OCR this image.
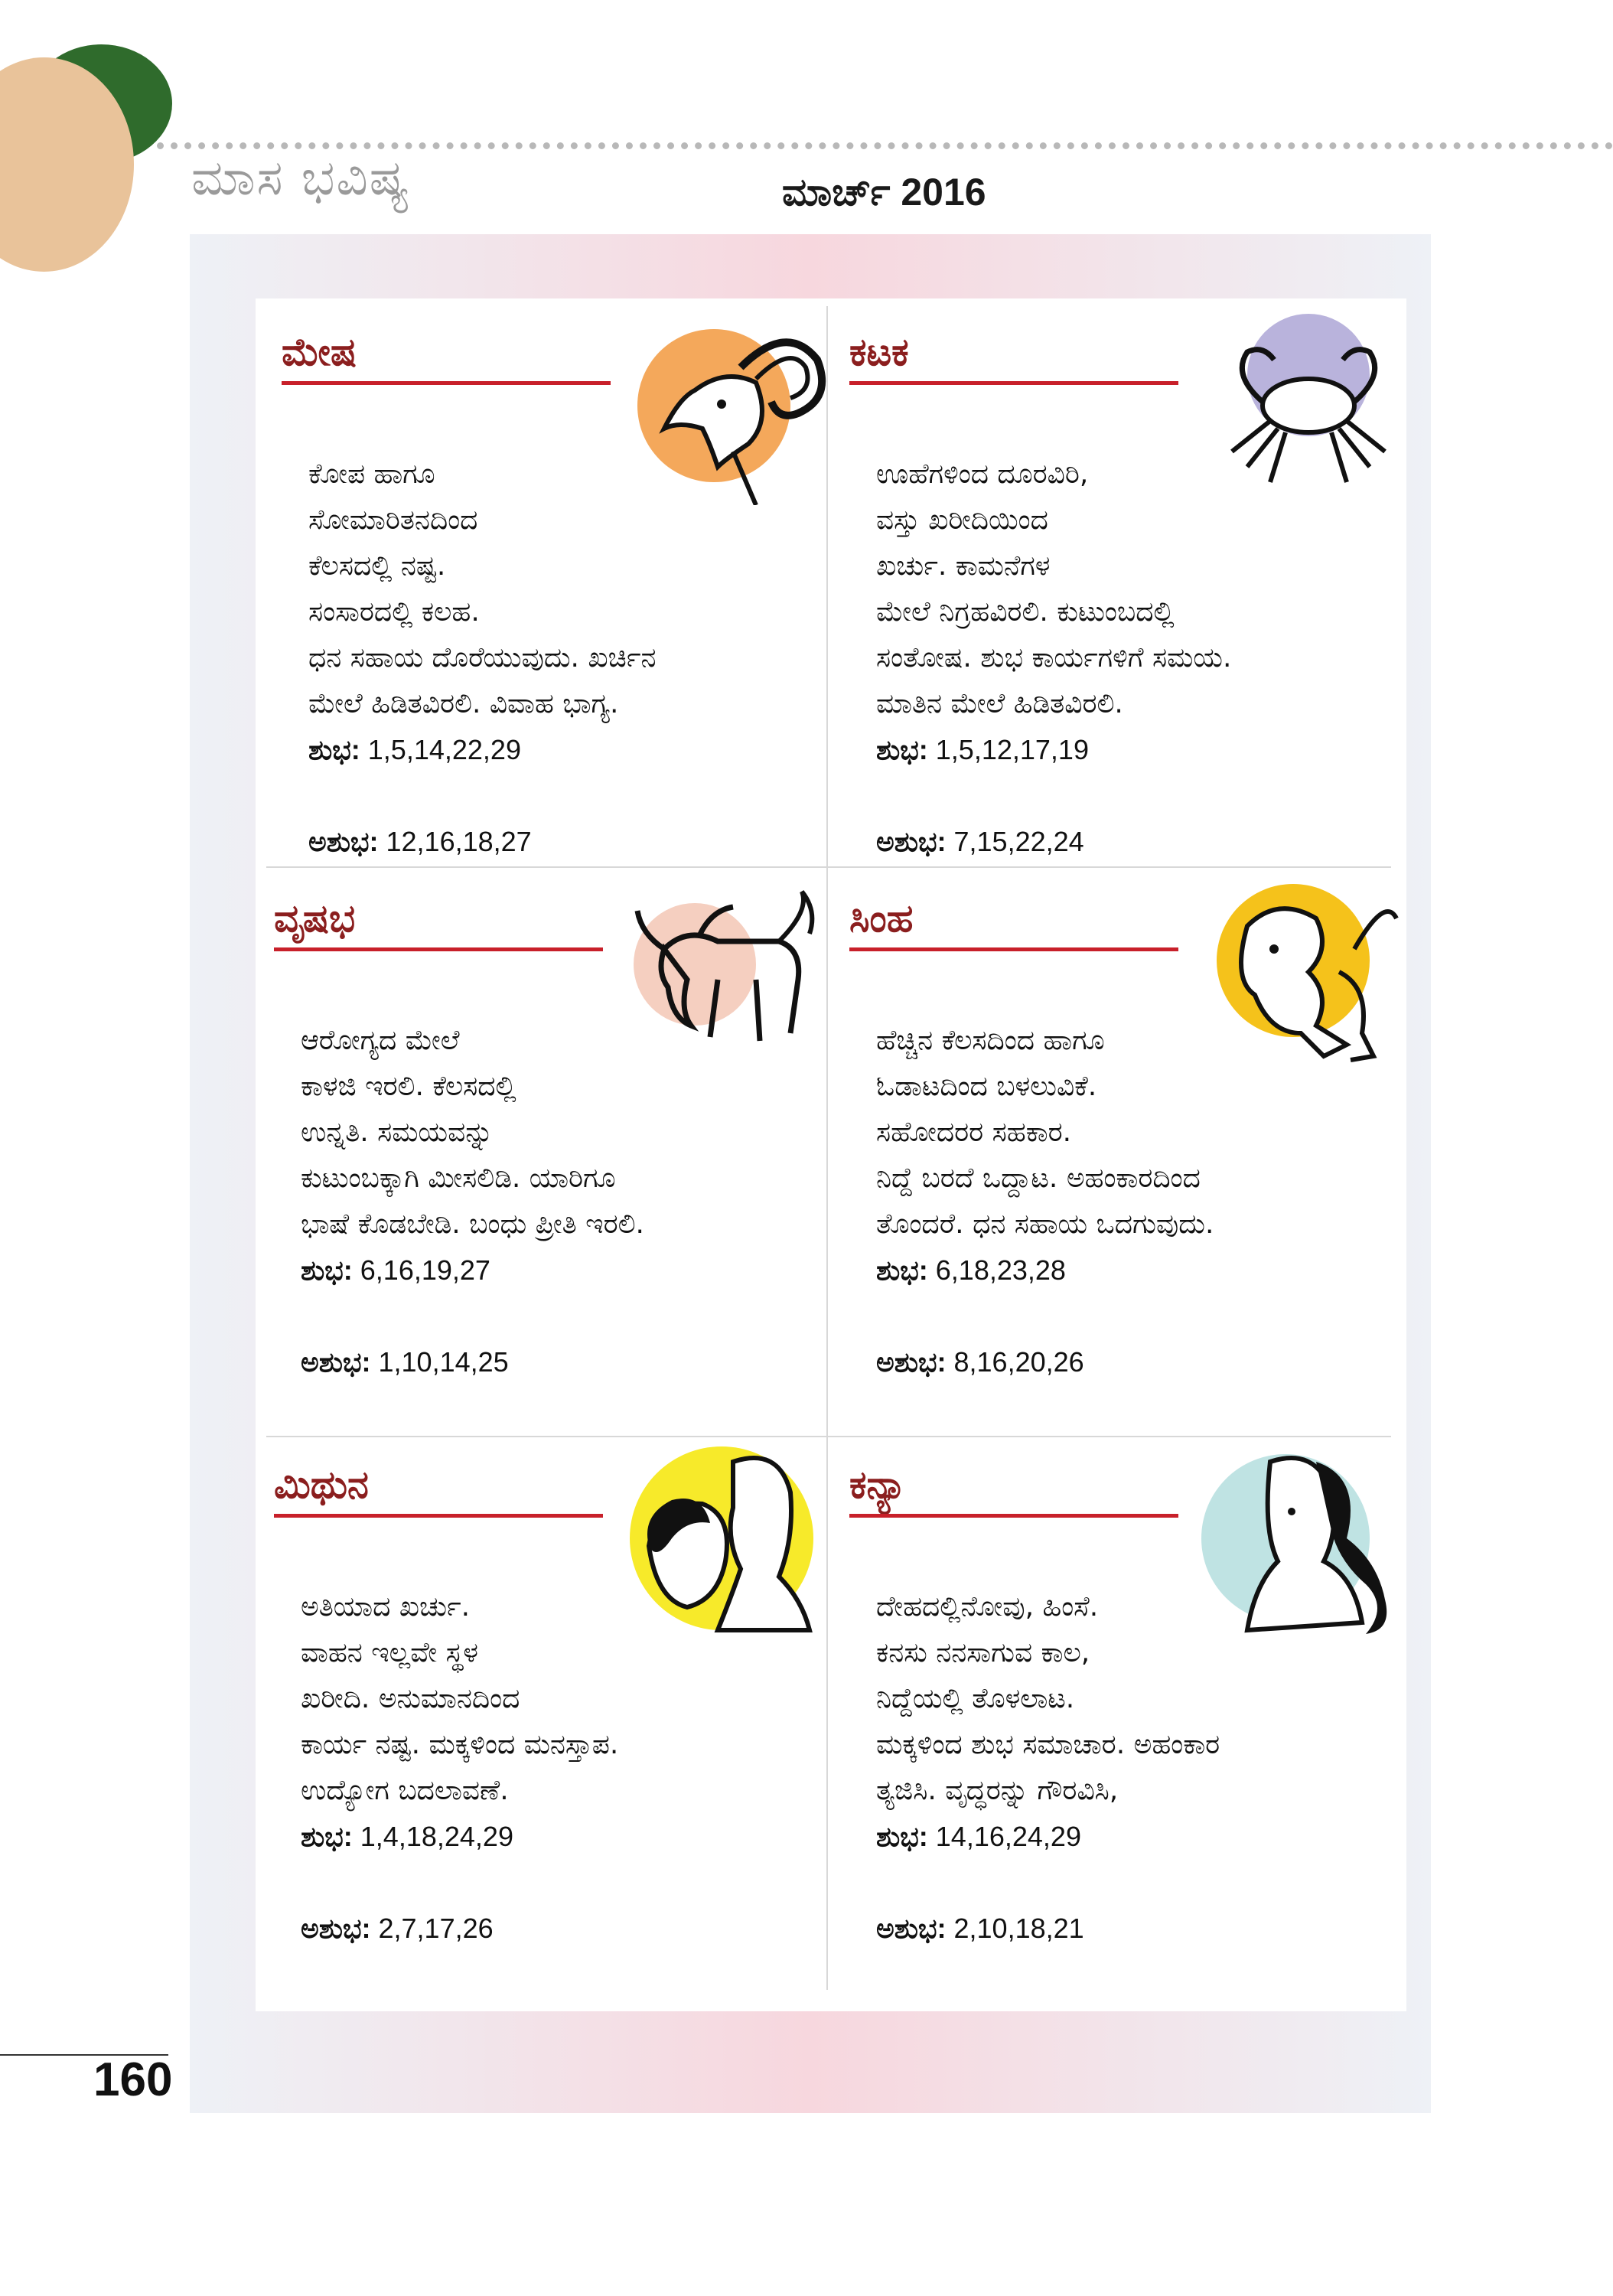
ಮಾಸ ಭವಿಷ್ಯ	ಮಾರ್ಚ್ 2016
ಮೇಷ

ಕೋಪ ಹಾಗೂ
ಸೋಮಾರಿತನದಿಂದ
ಕೆಲಸದಲ್ಲಿ ನಷ್ಟ.
ಸಂಸಾರದಲ್ಲಿ ಕಲಹ.
ಧನ ಸಹಾಯ ದೊರೆಯುವುದು. ಖರ್ಚಿನ
ಮೇಲೆ ಹಿಡಿತವಿರಲಿ. ವಿವಾಹ ಭಾಗ್ಯ.

ಶುಭ: 1,5,14,22,29

ಅಶುಭ: 12,16,18,27

ಕಟಕ

ಊಹೆಗಳಿಂದ ದೂರವಿರಿ,
ವಸ್ತು ಖರೀದಿಯಿಂದ
ಖರ್ಚು. ಕಾಮನೆಗಳ
ಮೇಲೆ ನಿಗ್ರಹವಿರಲಿ. ಕುಟುಂಬದಲ್ಲಿ
ಸಂತೋಷ. ಶುಭ ಕಾರ್ಯಗಳಿಗೆ ಸಮಯ.
ಮಾತಿನ ಮೇಲೆ ಹಿಡಿತವಿರಲಿ.

ಶುಭ: 1,5,12,17,19

ಅಶುಭ: 7,15,22,24

ವೃಷಭ

ಆರೋಗ್ಯದ ಮೇಲೆ
ಕಾಳಜಿ ಇರಲಿ. ಕೆಲಸದಲ್ಲಿ
ಉನ್ನತಿ. ಸಮಯವನ್ನು
ಕುಟುಂಬಕ್ಕಾಗಿ ಮೀಸಲಿಡಿ. ಯಾರಿಗೂ
ಭಾಷೆ ಕೊಡಬೇಡಿ. ಬಂಧು ಪ್ರೀತಿ ಇರಲಿ.

ಶುಭ: 6,16,19,27

ಅಶುಭ: 1,10,14,25

ಸಿಂಹ

ಹೆಚ್ಚಿನ ಕೆಲಸದಿಂದ ಹಾಗೂ
ಓಡಾಟದಿಂದ ಬಳಲುವಿಕೆ.
ಸಹೋದರರ ಸಹಕಾರ.
ನಿದ್ದೆ ಬರದೆ ಒದ್ದಾಟ. ಅಹಂಕಾರದಿಂದ
ತೊಂದರೆ. ಧನ ಸಹಾಯ ಒದಗುವುದು.

ಶುಭ: 6,18,23,28

ಅಶುಭ: 8,16,20,26

ಮಿಥುನ

ಅತಿಯಾದ ಖರ್ಚು.
ವಾಹನ ಇಲ್ಲವೇ ಸ್ಥಳ
ಖರೀದಿ. ಅನುಮಾನದಿಂದ
ಕಾರ್ಯ ನಷ್ಟ. ಮಕ್ಕಳಿಂದ ಮನಸ್ತಾಪ.
ಉದ್ಯೋಗ ಬದಲಾವಣೆ.

ಶುಭ: 1,4,18,24,29

ಅಶುಭ: 2,7,17,26

ಕನ್ಯಾ

ದೇಹದಲ್ಲಿನೋವು, ಹಿಂಸೆ.
ಕನಸು ನನಸಾಗುವ ಕಾಲ,
ನಿದ್ದೆಯಲ್ಲಿ ತೊಳಲಾಟ.
ಮಕ್ಕಳಿಂದ ಶುಭ ಸಮಾಚಾರ. ಅಹಂಕಾರ
ತ್ಯಜಿಸಿ. ವೃದ್ಧರನ್ನು ಗೌರವಿಸಿ,

ಶುಭ: 14,16,24,29

ಅಶುಭ: 2,10,18,21

160
